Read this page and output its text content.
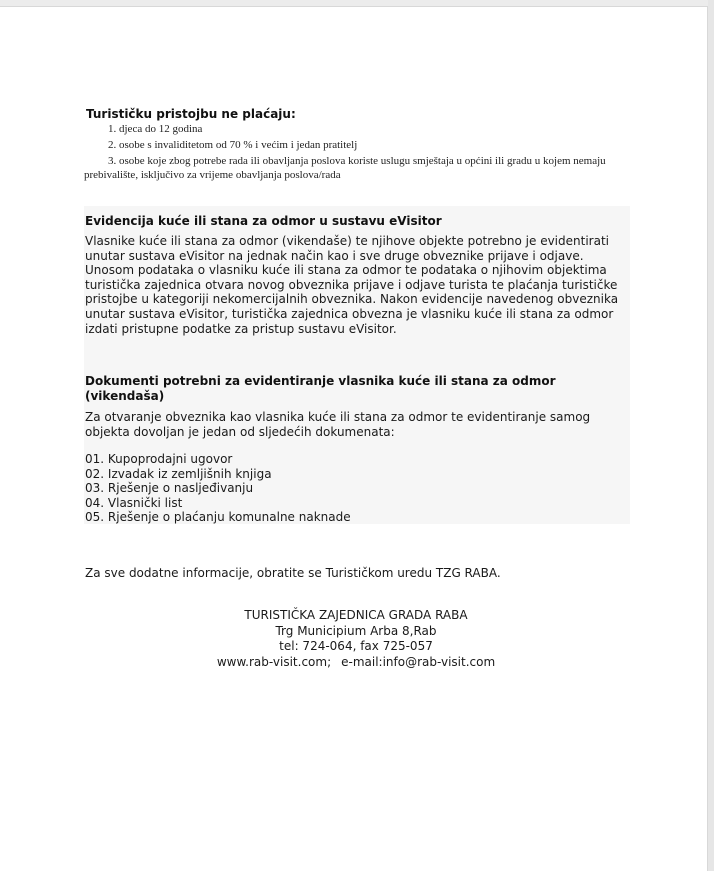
Turističku pristojbu ne plaćaju:
1. djeca do 12 godina
2. osobe s invaliditetom od 70 % i većim i jedan pratitelj
3. osobe koje zbog potrebe rada ili obavljanja poslova koriste uslugu smještaja u općini ili gradu u kojem nemaju prebivalište, isključivo za vrijeme obavljanja poslova/rada
Evidencija kuće ili stana za odmor u sustavu eVisitor

Vlasnike kuće ili stana za odmor (vikendaše) te njihove objekte potrebno je evidentirati unutar sustava eVisitor na jednak način kao i sve druge obveznike prijave i odjave. Unosom podataka o vlasniku kuće ili stana za odmor te podataka o njihovim objektima turistička zajednica otvara novog obveznika prijave i odjave turista te plaćanja turističke pristojbe u kategoriji nekomercijalnih obveznika. Nakon evidencije navedenog obveznika unutar sustava eVisitor, turistička zajednica obvezna je vlasniku kuće ili stana za odmor izdati pristupne podatke za pristup sustavu eVisitor.

Dokumenti potrebni za evidentiranje vlasnika kuće ili stana za odmor (vikendaša)

Za otvaranje obveznika kao vlasnika kuće ili stana za odmor te evidentiranje samog objekta dovoljan je jedan od sljedećih dokumenata:

01. Kupoprodajni ugovor
02. Izvadak iz zemljišnih knjiga
03. Rješenje o nasljeđivanju
04. Vlasnički list
05. Rješenje o plaćanju komunalne naknade

Za sve dodatne informacije, obratite se Turističkom uredu TZG RABA.

TURISTIČKA ZAJEDNICA GRADA RABA
Trg Municipium Arba 8,Rab
tel: 724-064, fax 725-057
www.rab-visit.com; e-mail:info@rab-visit.com
